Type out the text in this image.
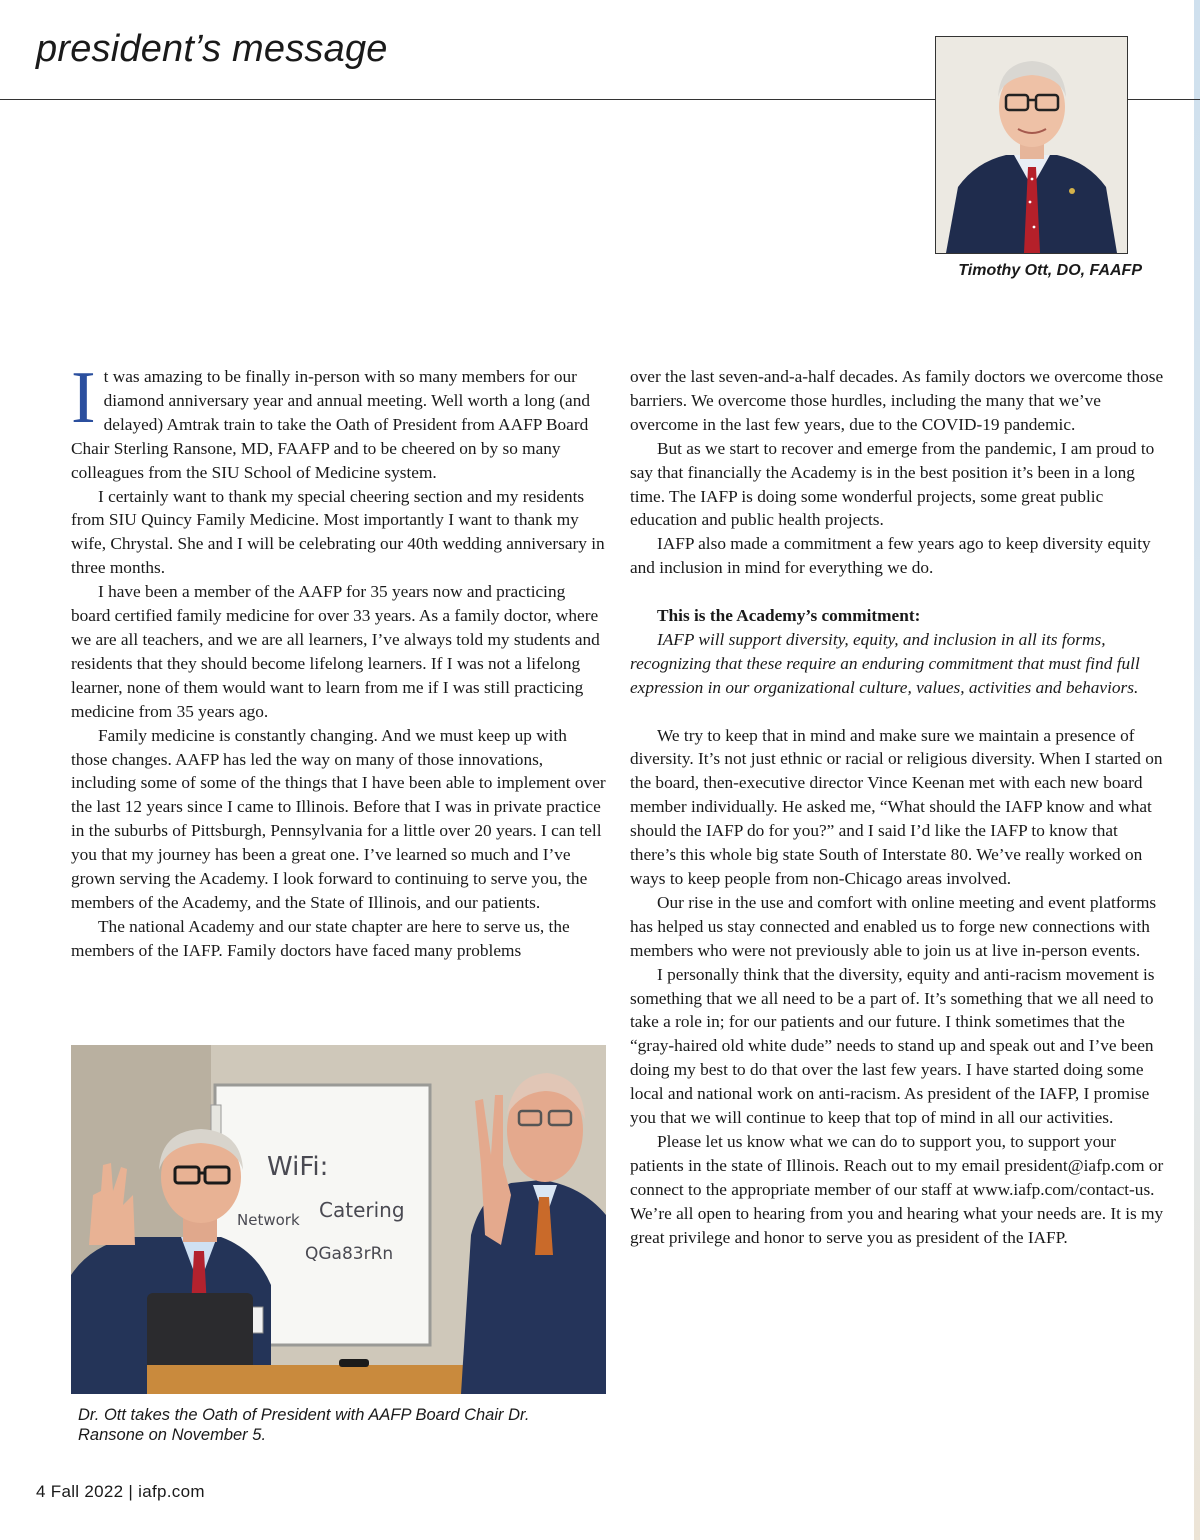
president’s message
Timothy Ott, DO, FAAFP

It was amazing to be finally in-person with so many members for our diamond anniversary year and annual meeting. Well worth a long (and delayed) Amtrak train to take the Oath of President from AAFP Board Chair Sterling Ransone, MD, FAAFP and to be cheered on by so many colleagues from the SIU School of Medicine system.

I certainly want to thank my special cheering section and my residents from SIU Quincy Family Medicine. Most importantly I want to thank my wife, Chrystal. She and I will be celebrating our 40th wedding anniversary in three months.

I have been a member of the AAFP for 35 years now and practicing board certified family medicine for over 33 years. As a family doctor, where we are all teachers, and we are all learners, I’ve always told my students and residents that they should become lifelong learners. If I was not a lifelong learner, none of them would want to learn from me if I was still practicing medicine from 35 years ago.

Family medicine is constantly changing. And we must keep up with those changes. AAFP has led the way on many of those innovations, including some of some of the things that I have been able to implement over the last 12 years since I came to Illinois. Before that I was in private practice in the suburbs of Pittsburgh, Pennsylvania for a little over 20 years. I can tell you that my journey has been a great one. I’ve learned so much and I’ve grown serving the Academy. I look forward to continuing to serve you, the members of the Academy, and the State of Illinois, and our patients.

The national Academy and our state chapter are here to serve us, the members of the IAFP. Family doctors have faced many problems

over the last seven-and-a-half decades. As family doctors we overcome those barriers. We overcome those hurdles, including the many that we’ve overcome in the last few years, due to the COVID-19 pandemic.

But as we start to recover and emerge from the pandemic, I am proud to say that financially the Academy is in the best position it’s been in a long time. The IAFP is doing some wonderful projects, some great public education and public health projects.

IAFP also made a commitment a few years ago to keep diversity equity and inclusion in mind for everything we do.

This is the Academy’s commitment:

IAFP will support diversity, equity, and inclusion in all its forms, recognizing that these require an enduring commitment that must find full expression in our organizational culture, values, activities and behaviors.

We try to keep that in mind and make sure we maintain a presence of diversity. It’s not just ethnic or racial or religious diversity. When I started on the board, then-executive director Vince Keenan met with each new board member individually. He asked me, “What should the IAFP know and what should the IAFP do for you?” and I said I’d like the IAFP to know that there’s this whole big state South of Interstate 80. We’ve really worked on ways to keep people from non-Chicago areas involved.

Our rise in the use and comfort with online meeting and event platforms has helped us stay connected and enabled us to forge new connections with members who were not previously able to join us at live in-person events.

I personally think that the diversity, equity and anti-racism movement is something that we all need to be a part of. It’s something that we all need to take a role in; for our patients and our future. I think sometimes that the “gray-haired old white dude” needs to stand up and speak out and I’ve been doing my best to do that over the last few years. I have started doing some local and national work on anti-racism. As president of the IAFP, I promise you that we will continue to keep that top of mind in all our activities.

Please let us know what we can do to support you, to support your patients in the state of Illinois. Reach out to my email president@iafp.com or connect to the appropriate member of our staff at www.iafp.com/contact-us. We’re all open to hearing from you and hearing what your needs are. It is my great privilege and honor to serve you as president of the IAFP.

WiFi:
Network Catering
QGa83rRn
Dr. Ott takes the Oath of President with AAFP Board Chair Dr. Ransone on November 5.
4 Fall 2022 | iafp.com
